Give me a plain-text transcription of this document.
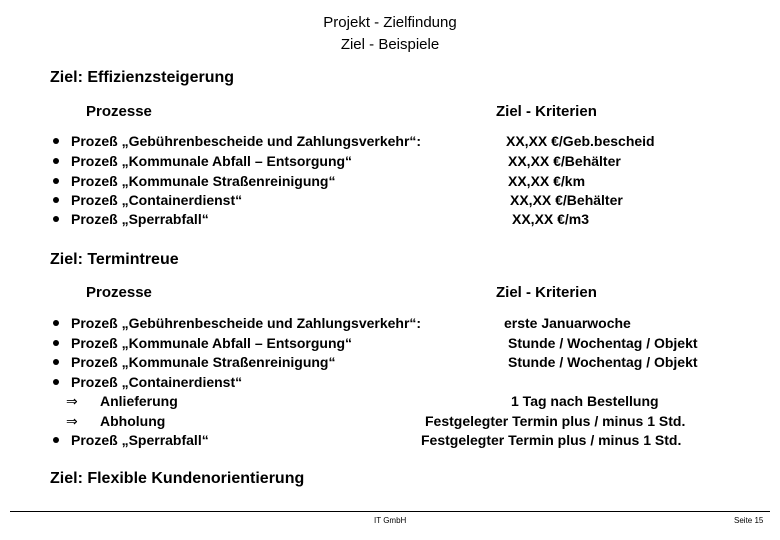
Projekt - Zielfindung
Ziel - Beispiele
Ziel: Effizienzsteigerung
Prozesse	Ziel - Kriterien
Prozeß „Gebührenbescheide und Zahlungsverkehr“:	XX,XX €/Geb.bescheid
Prozeß „Kommunale Abfall – Entsorgung“	XX,XX €/Behälter
Prozeß „Kommunale Straßenreinigung“	XX,XX €/km
Prozeß „Containerdienst“	XX,XX €/Behälter
Prozeß „Sperrabfall“	XX,XX €/m3
Ziel: Termintreue
Prozesse	Ziel - Kriterien
Prozeß „Gebührenbescheide und Zahlungsverkehr“:	erste Januarwoche
Prozeß „Kommunale Abfall – Entsorgung“	Stunde / Wochentag / Objekt
Prozeß „Kommunale Straßenreinigung“	Stunde / Wochentag / Objekt
Prozeß „Containerdienst“
⇒ Anlieferung	1 Tag nach Bestellung
⇒ Abholung	Festgelegter Termin plus / minus 1 Std.
Prozeß „Sperrabfall“	Festgelegter Termin plus / minus 1 Std.
Ziel: Flexible Kundenorientierung
IT GmbH	Seite 15
